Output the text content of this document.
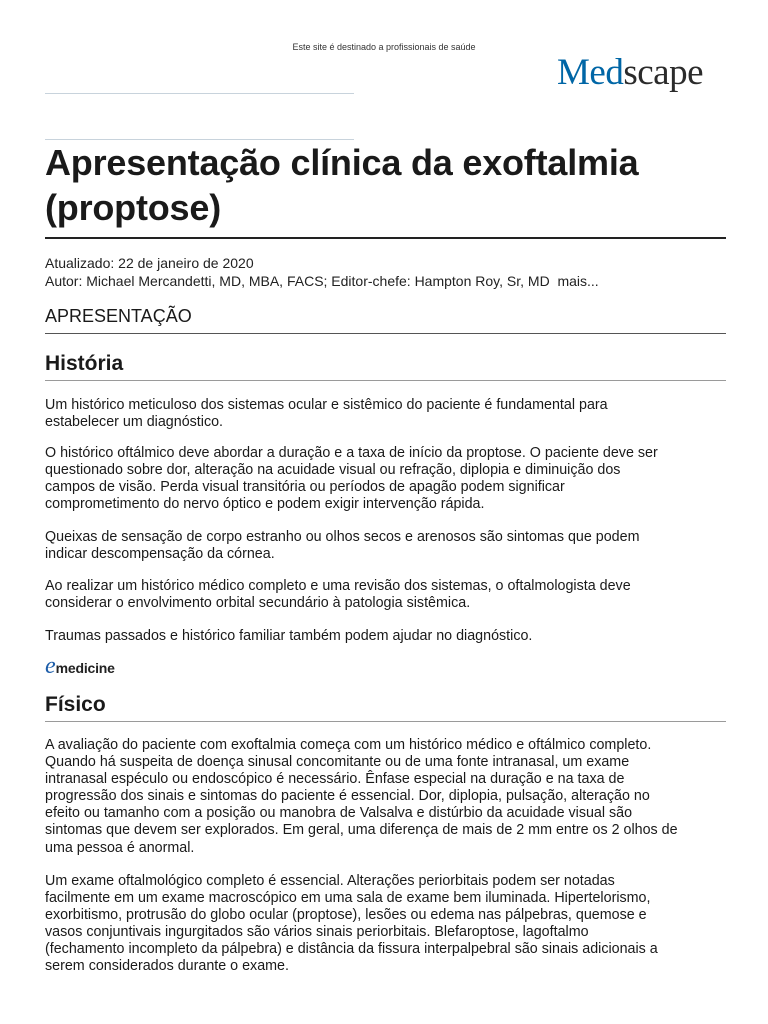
Este site é destinado a profissionais de saúde
Medscape
Apresentação clínica da exoftalmia
(proptose)
Atualizado: 22 de janeiro de 2020
Autor: Michael Mercandetti, MD, MBA, FACS; Editor-chefe: Hampton Roy, Sr, MD mais...
APRESENTAÇÃO
História
Um histórico meticuloso dos sistemas ocular e sistêmico do paciente é fundamental para
estabelecer um diagnóstico.
O histórico oftálmico deve abordar a duração e a taxa de início da proptose. O paciente deve ser
questionado sobre dor, alteração na acuidade visual ou refração, diplopia e diminuição dos
campos de visão. Perda visual transitória ou períodos de apagão podem significar
comprometimento do nervo óptico e podem exigir intervenção rápida.
Queixas de sensação de corpo estranho ou olhos secos e arenosos são sintomas que podem
indicar descompensação da córnea.
Ao realizar um histórico médico completo e uma revisão dos sistemas, o oftalmologista deve
considerar o envolvimento orbital secundário à patologia sistêmica.
Traumas passados e histórico familiar também podem ajudar no diagnóstico.
emedicine
Físico
A avaliação do paciente com exoftalmia começa com um histórico médico e oftálmico completo.
Quando há suspeita de doença sinusal concomitante ou de uma fonte intranasal, um exame
intranasal espéculo ou endoscópico é necessário. Ênfase especial na duração e na taxa de
progressão dos sinais e sintomas do paciente é essencial. Dor, diplopia, pulsação, alteração no
efeito ou tamanho com a posição ou manobra de Valsalva e distúrbio da acuidade visual são
sintomas que devem ser explorados. Em geral, uma diferença de mais de 2 mm entre os 2 olhos de
uma pessoa é anormal.
Um exame oftalmológico completo é essencial. Alterações periorbitais podem ser notadas
facilmente em um exame macroscópico em uma sala de exame bem iluminada. Hipertelorismo,
exorbitismo, protrusão do globo ocular (proptose), lesões ou edema nas pálpebras, quemose e
vasos conjuntivais ingurgitados são vários sinais periorbitais. Blefaroptose, lagoftalmo
(fechamento incompleto da pálpebra) e distância da fissura interpalpebral são sinais adicionais a
serem considerados durante o exame.
